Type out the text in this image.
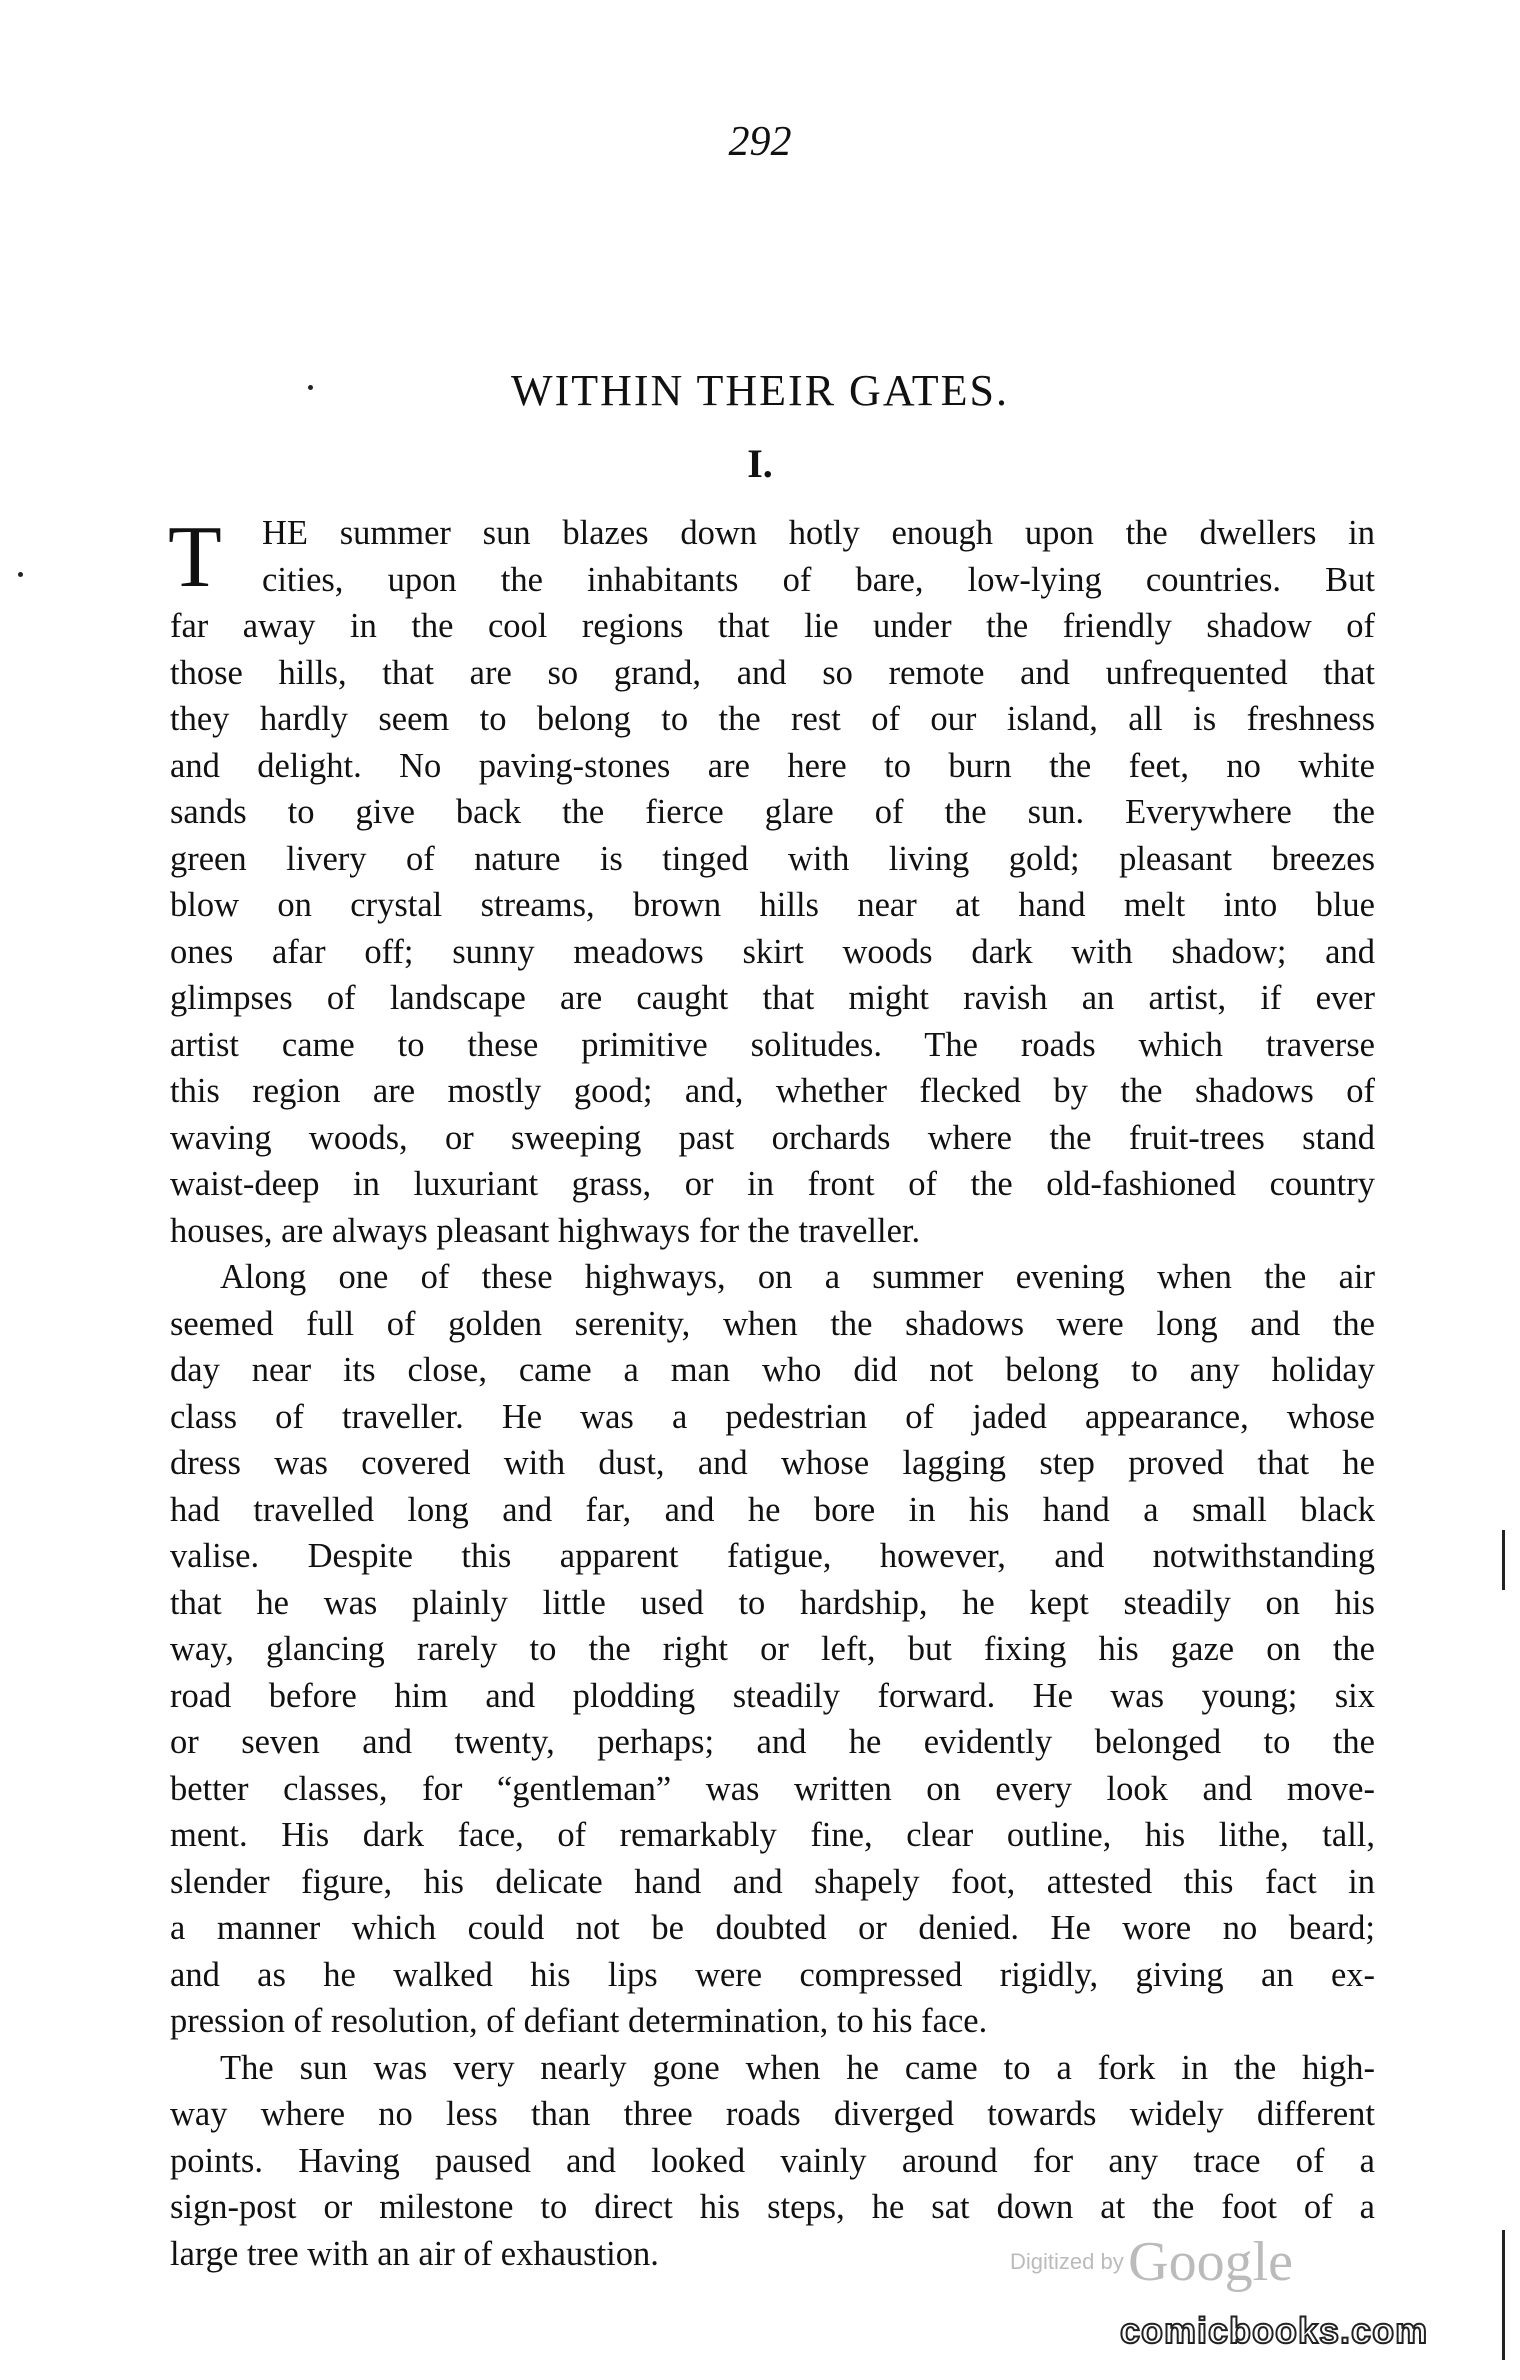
292
WITHIN THEIR GATES.
I.
T	HE summer sun blazes down hotly enough upon the dwellers in
cities, upon the inhabitants of bare, low-lying countries. But
far away in the cool regions that lie under the friendly shadow of
those hills, that are so grand, and so remote and unfrequented that
they hardly seem to belong to the rest of our island, all is freshness
and delight. No paving-stones are here to burn the feet, no white
sands to give back the fierce glare of the sun. Everywhere the
green livery of nature is tinged with living gold; pleasant breezes
blow on crystal streams, brown hills near at hand melt into blue
ones afar off; sunny meadows skirt woods dark with shadow; and
glimpses of landscape are caught that might ravish an artist, if ever
artist came to these primitive solitudes. The roads which traverse
this region are mostly good; and, whether flecked by the shadows of
waving woods, or sweeping past orchards where the fruit-trees stand
waist-deep in luxuriant grass, or in front of the old-fashioned country
houses, are always pleasant highways for the traveller.
Along one of these highways, on a summer evening when the air
seemed full of golden serenity, when the shadows were long and the
day near its close, came a man who did not belong to any holiday
class of traveller. He was a pedestrian of jaded appearance, whose
dress was covered with dust, and whose lagging step proved that he
had travelled long and far, and he bore in his hand a small black
valise. Despite this apparent fatigue, however, and notwithstanding
that he was plainly little used to hardship, he kept steadily on his
way, glancing rarely to the right or left, but fixing his gaze on the
road before him and plodding steadily forward. He was young; six
or seven and twenty, perhaps; and he evidently belonged to the
better classes, for “gentleman” was written on every look and move-
ment. His dark face, of remarkably fine, clear outline, his lithe, tall,
slender figure, his delicate hand and shapely foot, attested this fact in
a manner which could not be doubted or denied. He wore no beard;
and as he walked his lips were compressed rigidly, giving an ex-
pression of resolution, of defiant determination, to his face.
The sun was very nearly gone when he came to a fork in the high-
way where no less than three roads diverged towards widely different
points. Having paused and looked vainly around for any trace of a
sign-post or milestone to direct his steps, he sat down at the foot of a
large tree with an air of exhaustion.	Digitized by Google
comicbooks.com
